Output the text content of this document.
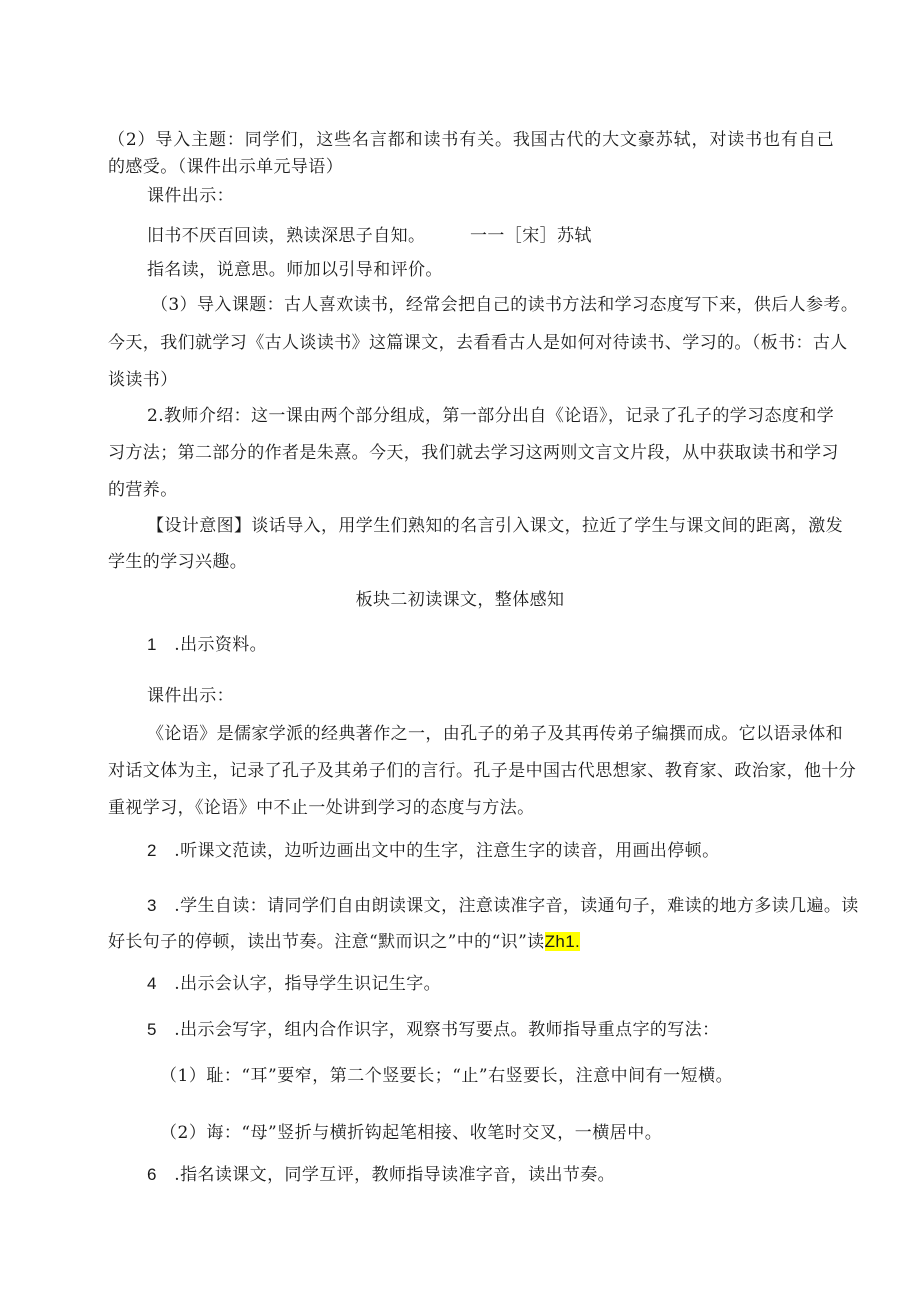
（2）导入主题：同学们，这些名言都和读书有关。我国古代的大文豪苏轼，对读书也有自己
的感受。（课件出示单元导语）
课件出示：
旧书不厌百回读，熟读深思子自知。	一一［宋］苏轼
指名读，说意思。师加以引导和评价。
（3）导入课题：古人喜欢读书，经常会把自己的读书方法和学习态度写下来，供后人参考。
今天，我们就学习《古人谈读书》这篇课文，去看看古人是如何对待读书、学习的。（板书：古人
谈读书）
2.教师介绍：这一课由两个部分组成，第一部分出自《论语》，记录了孔子的学习态度和学
习方法；第二部分的作者是朱熹。今天，我们就去学习这两则文言文片段，从中获取读书和学习
的营养。
【设计意图】谈话导入，用学生们熟知的名言引入课文，拉近了学生与课文间的距离，激发
学生的学习兴趣。
板块二初读课文，整体感知
1　.出示资料。
课件出示：
《论语》是儒家学派的经典著作之一，由孔子的弟子及其再传弟子编撰而成。它以语录体和
对话文体为主，记录了孔子及其弟子们的言行。孔子是中国古代思想家、教育家、政治家，他十分
重视学习，《论语》中不止一处讲到学习的态度与方法。
2　.听课文范读，边听边画出文中的生字，注意生字的读音，用画出停顿。
3　.学生自读：请同学们自由朗读课文，注意读准字音，读通句子，难读的地方多读几遍。读
好长句子的停顿，读出节奏。注意“默而识之”中的“识”读Zh1.
4　.出示会认字，指导学生识记生字。
5　.出示会写字，组内合作识字，观察书写要点。教师指导重点字的写法：
（1）耻：“耳”要窄，第二个竖要长；“止”右竖要长，注意中间有一短横。
（2）诲：“母”竖折与横折钩起笔相接、收笔时交叉，一横居中。
6　.指名读课文，同学互评，教师指导读准字音，读出节奏。
